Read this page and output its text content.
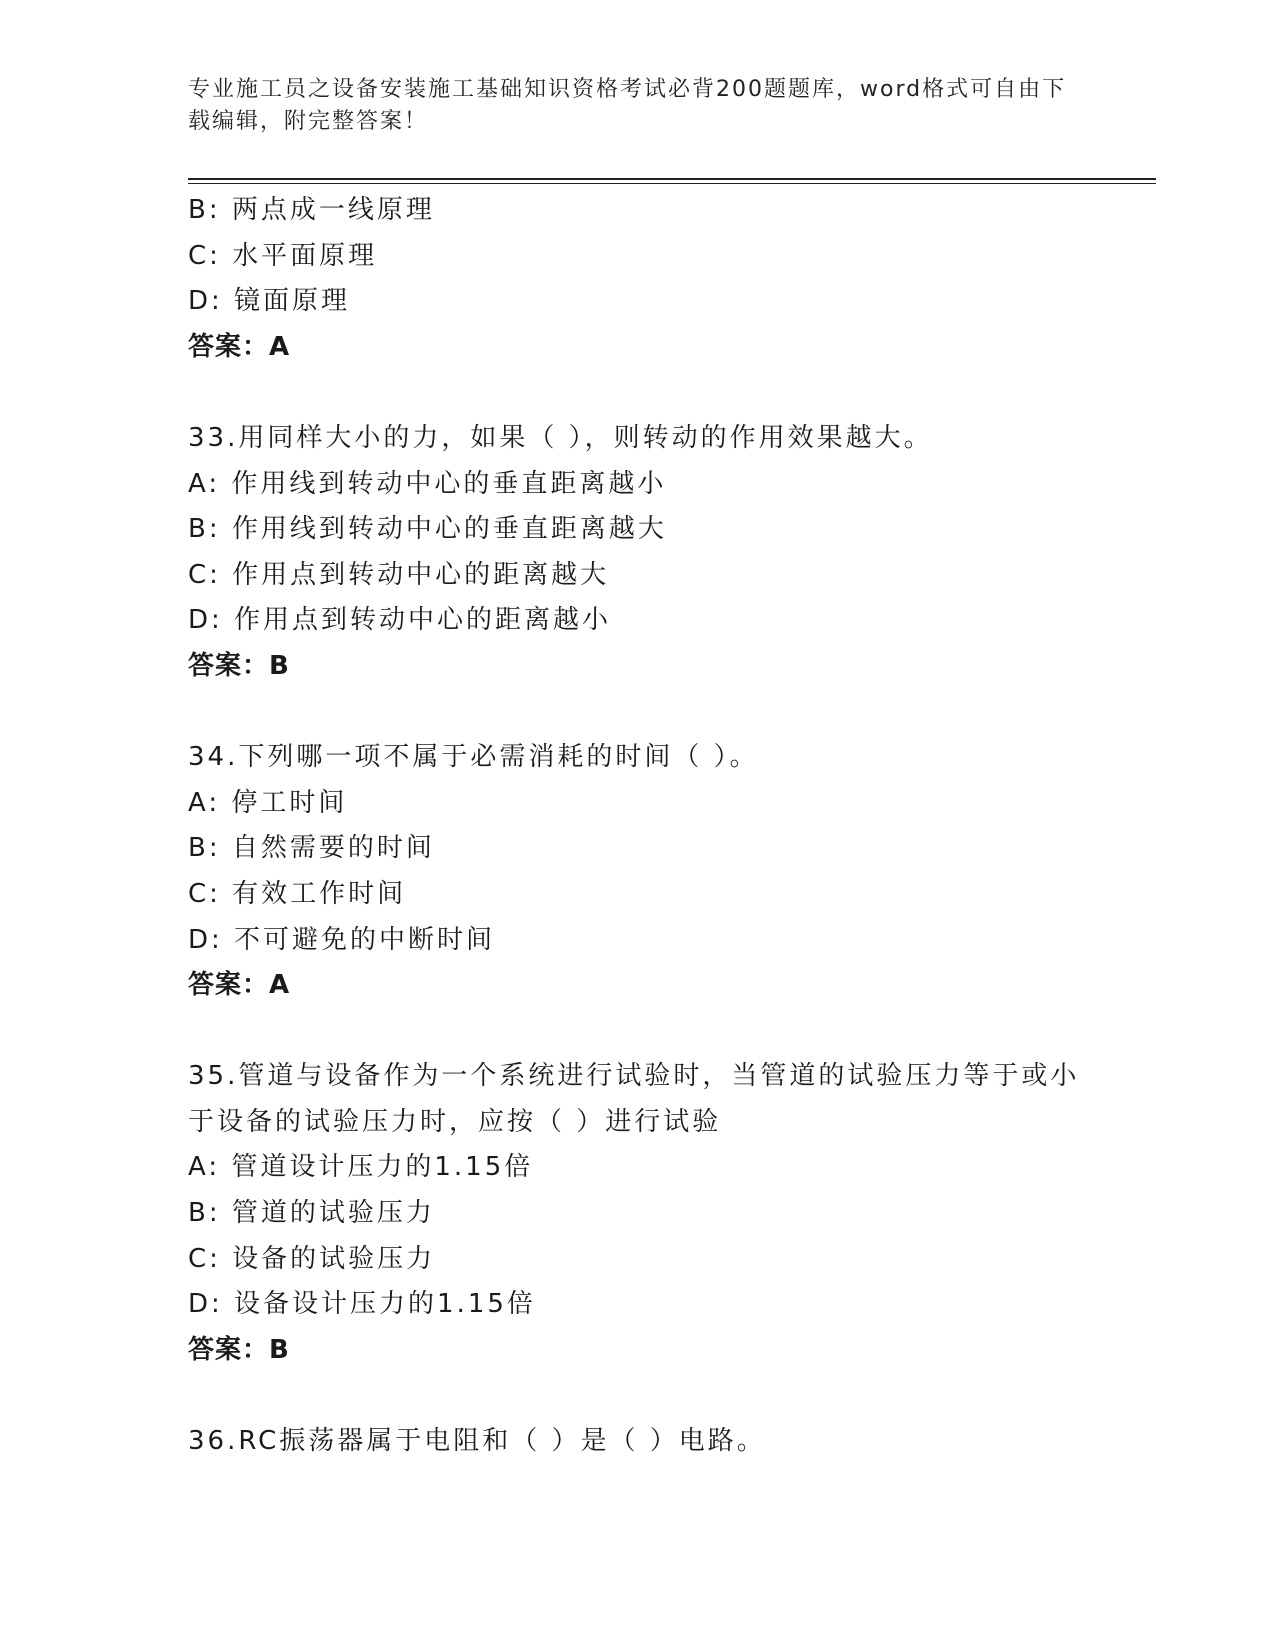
专业施工员之设备安装施工基础知识资格考试必背200题题库，word格式可自由下载编辑，附完整答案！
B: 两点成一线原理
C: 水平面原理
D: 镜面原理
答案：A
33.用同样大小的力，如果（ ），则转动的作用效果越大。
A: 作用线到转动中心的垂直距离越小
B: 作用线到转动中心的垂直距离越大
C: 作用点到转动中心的距离越大
D: 作用点到转动中心的距离越小
答案：B
34.下列哪一项不属于必需消耗的时间（ ）。
A: 停工时间
B: 自然需要的时间
C: 有效工作时间
D: 不可避免的中断时间
答案：A
35.管道与设备作为一个系统进行试验时，当管道的试验压力等于或小于设备的试验压力时，应按（ ）进行试验
A: 管道设计压力的1.15倍
B: 管道的试验压力
C: 设备的试验压力
D: 设备设计压力的1.15倍
答案：B
36.RC振荡器属于电阻和（ ）是（ ）电路。
